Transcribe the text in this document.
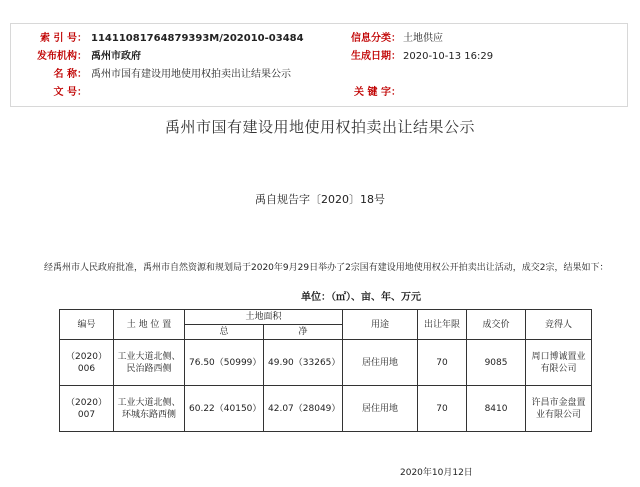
索 引 号： 11411081764879393M/202010-03484	信息分类： 土地供应
发布机构： 禹州市政府	生成日期： 2020-10-13 16:29
名 称： 禹州市国有建设用地使用权拍卖出让结果公示
文 号：	关 键 字：
禹州市国有建设用地使用权拍卖出让结果公示
禹自规告字〔2020〕18号
经禹州市人民政府批准，禹州市自然资源和规划局于2020年9月29日举办了2宗国有建设用地使用权公开拍卖出让活动，成交2宗，结果如下：
单位：（㎡）、亩、年、万元
编号	土 地 位 置	土地面积		用途	出让年限	成交价	竞得人
		总	净				
（2020）006	工业大道北侧、民治路西侧	76.50（50999）	49.90（33265）	居住用地	70	9085	周口博诚置业有限公司
（2020）007	工业大道北侧、环城东路西侧	60.22（40150）	42.07（28049）	居住用地	70	8410	许昌市金盘置业有限公司
2020年10月12日
